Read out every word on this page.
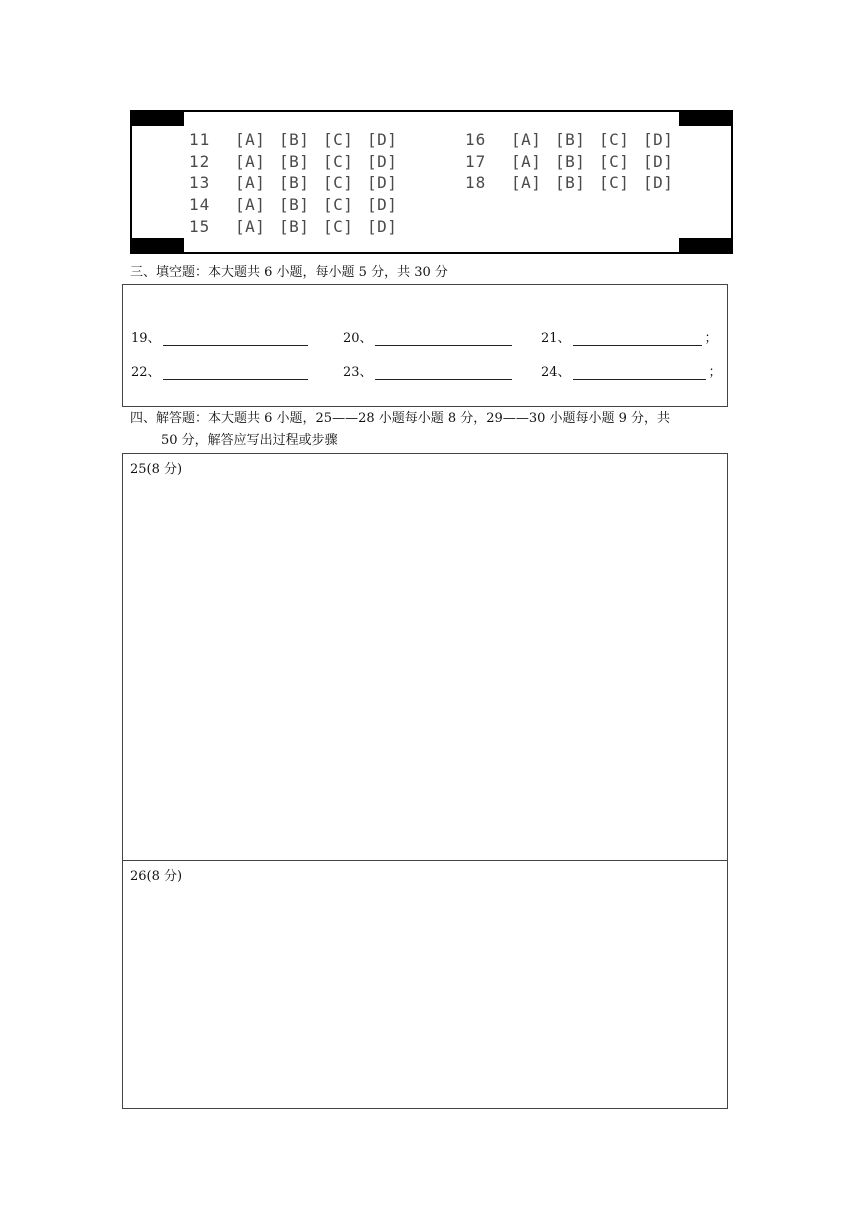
11	[A] [B] [C] [D]
12	[A] [B] [C] [D]
13	[A] [B] [C] [D]
14	[A] [B] [C] [D]
15	[A] [B] [C] [D]
16	[A] [B] [C] [D]
17	[A] [B] [C] [D]
18	[A] [B] [C] [D]
三、填空题：本大题共 6 小题，每小题 5 分，共 30 分
19、	20、	21、	；
22、	23、	24、	；
四、解答题：本大题共 6 小题，25——28 小题每小题 8 分，29——30 小题每小题 9 分，共
50 分，解答应写出过程或步骤
25(8 分)
26(8 分)
